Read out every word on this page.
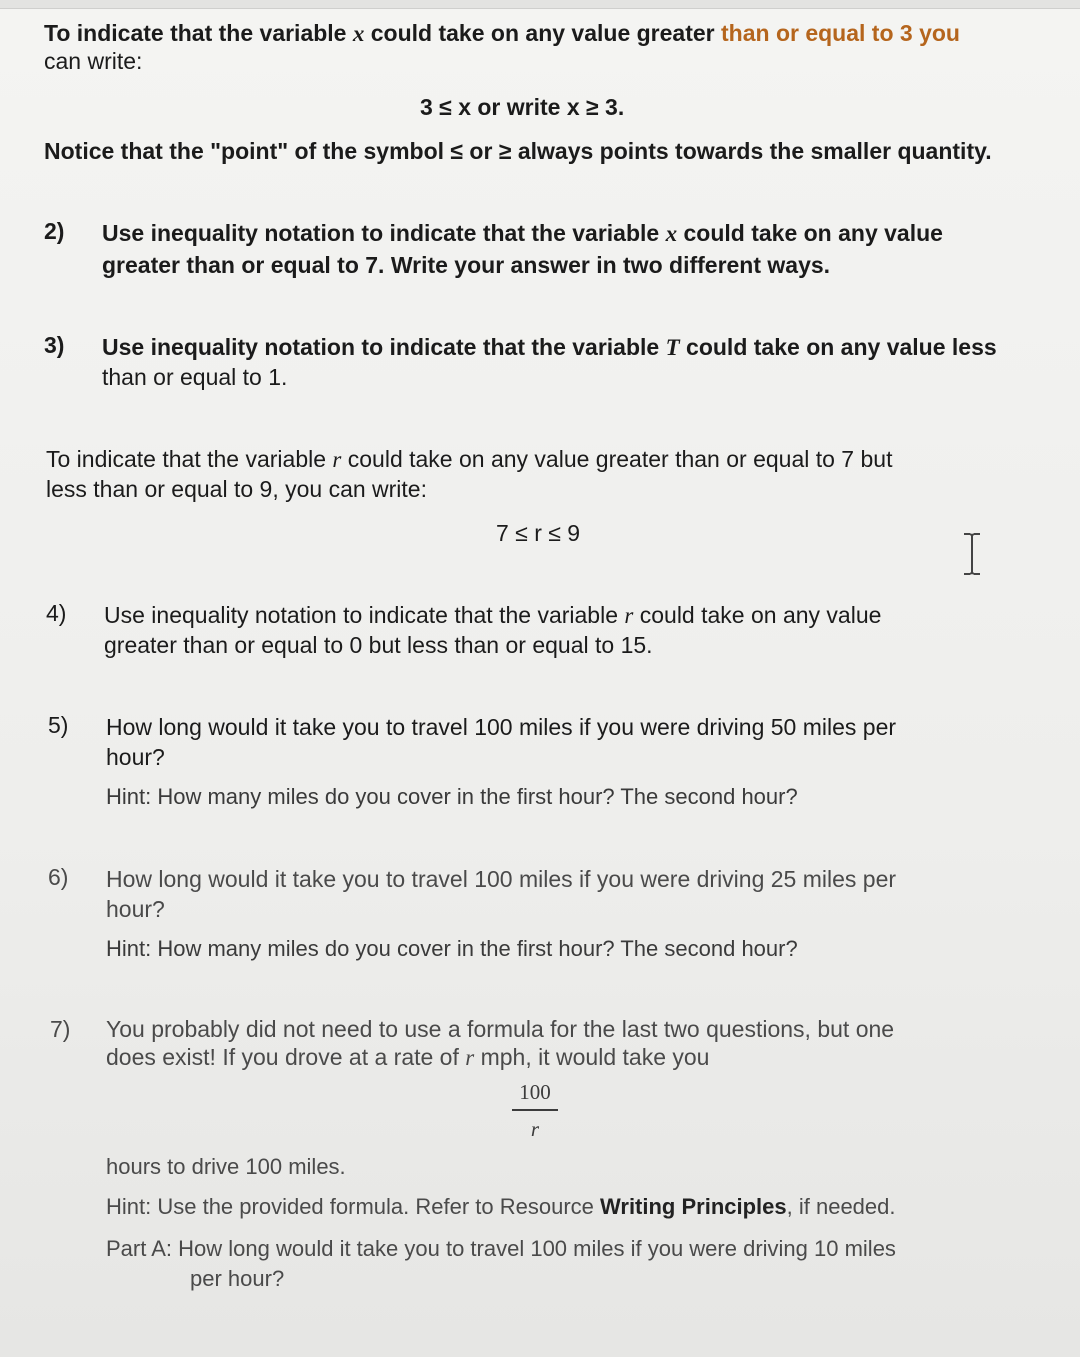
To indicate that the variable x could take on any value greater than or equal to 3 you
can write:
3 ≤ x or write x ≥ 3.
Notice that the "point" of the symbol ≤ or ≥ always points towards the smaller quantity.
2) Use inequality notation to indicate that the variable x could take on any value
greater than or equal to 7. Write your answer in two different ways.
3) Use inequality notation to indicate that the variable T could take on any value less
than or equal to 1.
To indicate that the variable r could take on any value greater than or equal to 7 but
less than or equal to 9, you can write:
7 ≤ r ≤ 9
4) Use inequality notation to indicate that the variable r could take on any value
greater than or equal to 0 but less than or equal to 15.
5) How long would it take you to travel 100 miles if you were driving 50 miles per
hour?
Hint: How many miles do you cover in the first hour? The second hour?
6) How long would it take you to travel 100 miles if you were driving 25 miles per
hour?
Hint: How many miles do you cover in the first hour? The second hour?
7) You probably did not need to use a formula for the last two questions, but one
does exist! If you drove at a rate of r mph, it would take you
100
r
hours to drive 100 miles.
Hint: Use the provided formula. Refer to Resource Writing Principles, if needed.
Part A: How long would it take you to travel 100 miles if you were driving 10 miles
per hour?
